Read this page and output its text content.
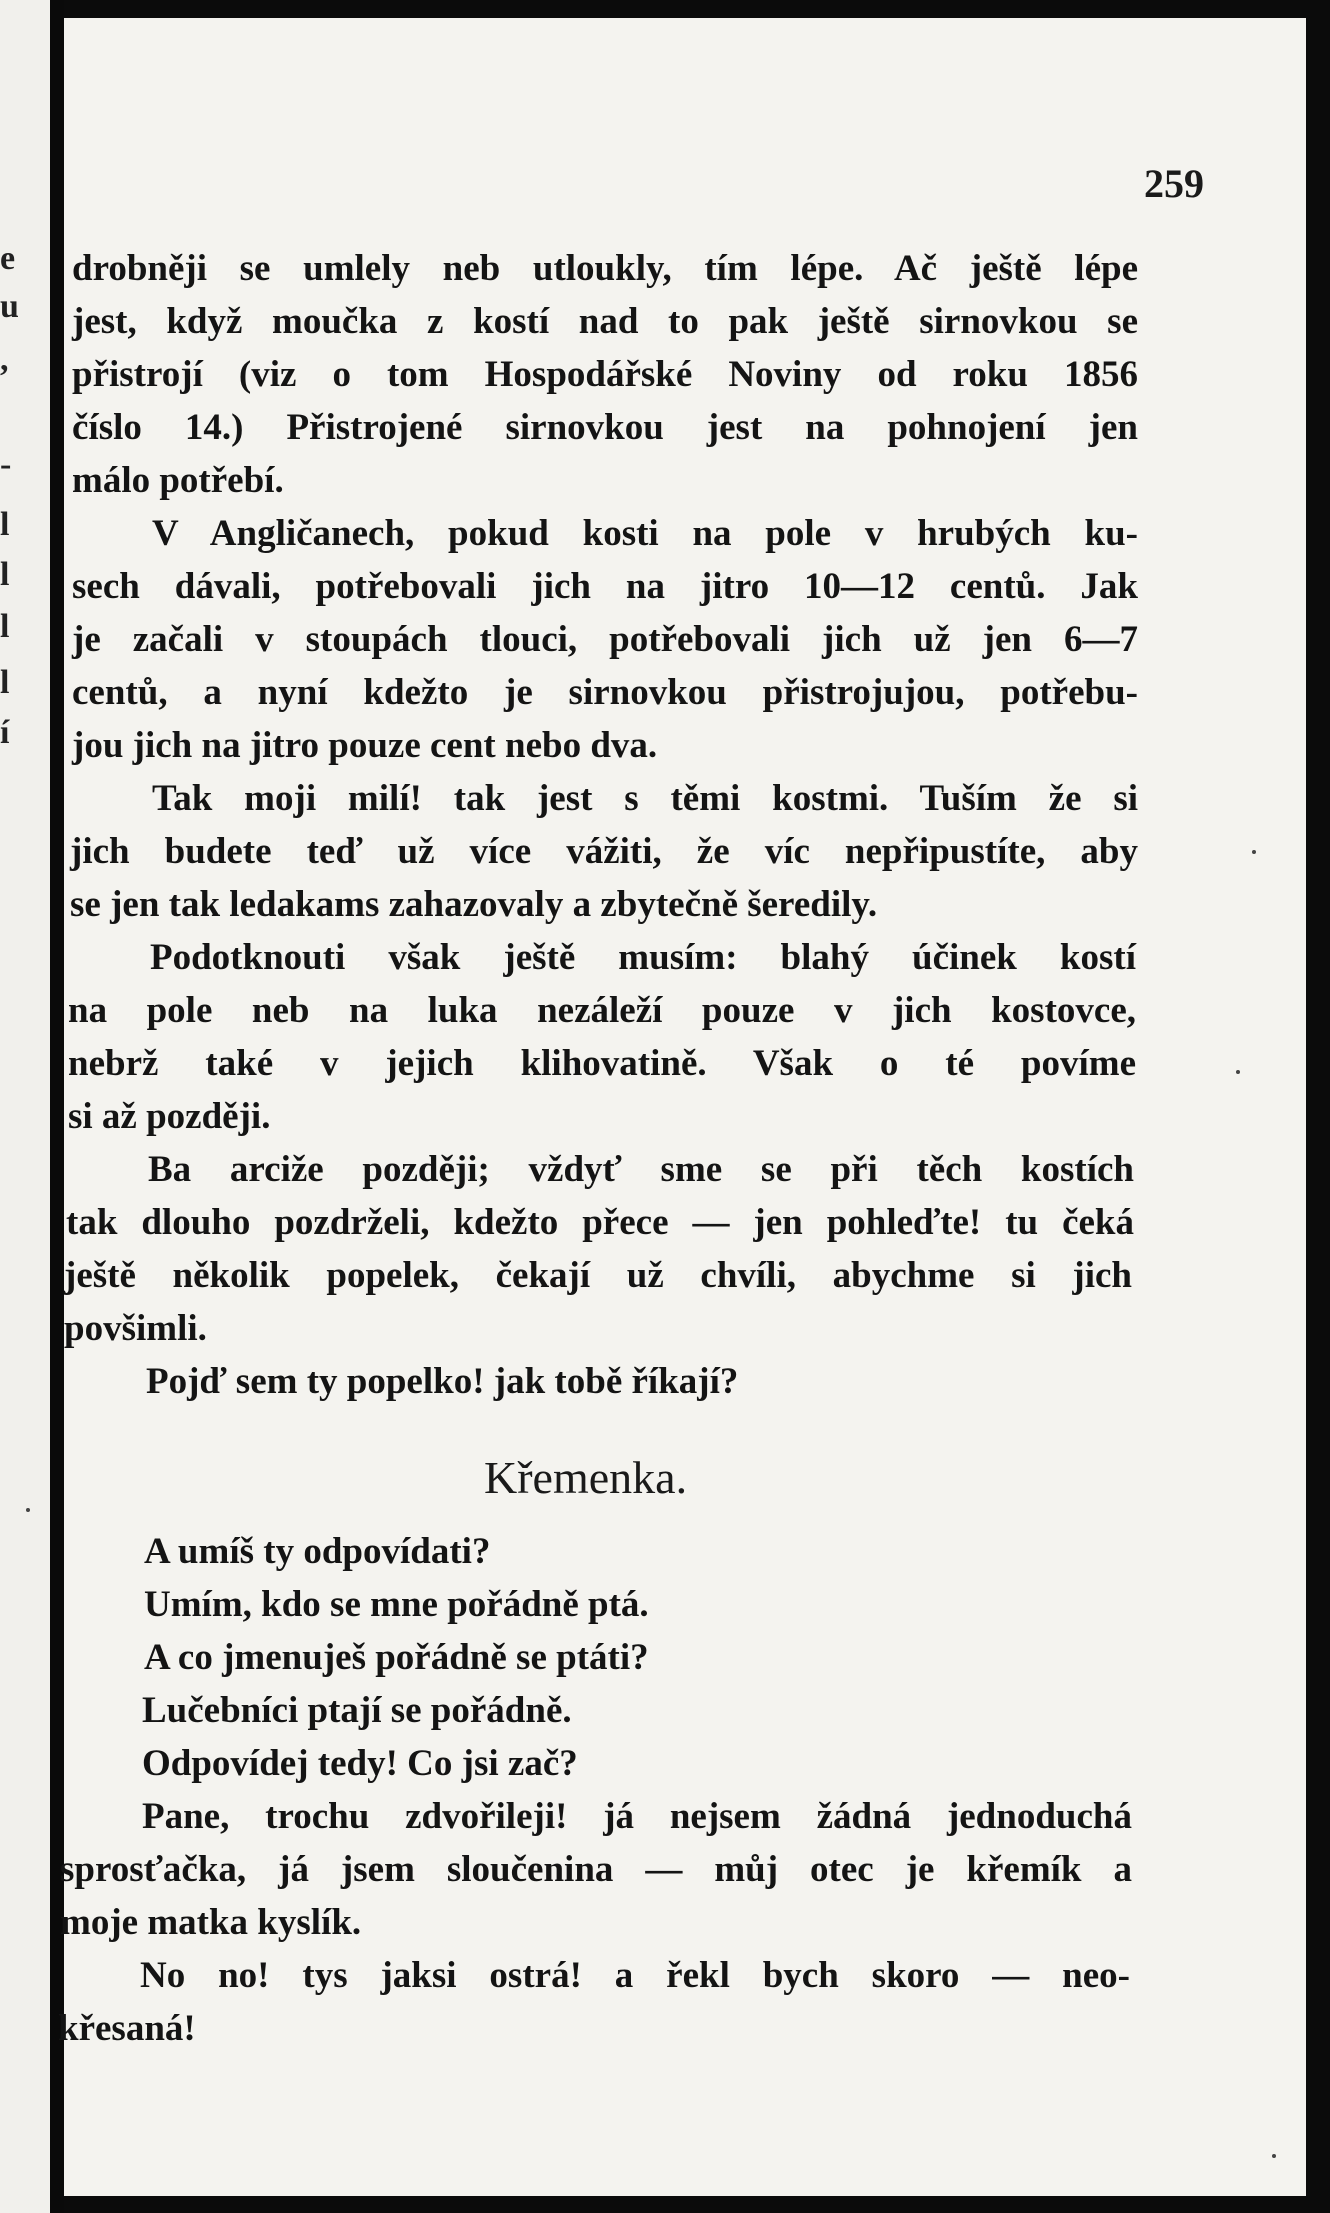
e
u
,
-
l
l
l
l
í
259
drobněji se umlely neb utloukly, tím lépe. Ač ještě lépe
jest, když moučka z kostí nad to pak ještě sirnovkou se
přistrojí (viz o tom Hospodářské Noviny od roku 1856
číslo 14.) Přistrojené sirnovkou jest na pohnojení jen
málo potřebí.
V Angličanech, pokud kosti na pole v hrubých ku-
sech dávali, potřebovali jich na jitro 10—12 centů. Jak
je začali v stoupách tlouci, potřebovali jich už jen 6—7
centů, a nyní kdežto je sirnovkou přistrojujou, potřebu-
jou jich na jitro pouze cent nebo dva.
Tak moji milí! tak jest s těmi kostmi. Tuším že si
jich budete teď už více vážiti, že víc nepřipustíte, aby
se jen tak ledakams zahazovaly a zbytečně šeredily.
Podotknouti však ještě musím: blahý účinek kostí
na pole neb na luka nezáleží pouze v jich kostovce,
nebrž také v jejich klihovatině. Však o té povíme
si až později.
Ba arciže později; vždyť sme se při těch kostích
tak dlouho pozdrželi, kdežto přece — jen pohleďte! tu čeká
ještě několik popelek, čekají už chvíli, abychme si jich
povšimli.
Pojď sem ty popelko! jak tobě říkají?
Křemenka.
A umíš ty odpovídati?
Umím, kdo se mne pořádně ptá.
A co jmenuješ pořádně se ptáti?
Lučebníci ptají se pořádně.
Odpovídej tedy! Co jsi zač?
Pane, trochu zdvořileji! já nejsem žádná jednoduchá
sprosťačka, já jsem sloučenina — můj otec je křemík a
moje matka kyslík.
No no! tys jaksi ostrá! a řekl bych skoro — neo-
křesaná!
